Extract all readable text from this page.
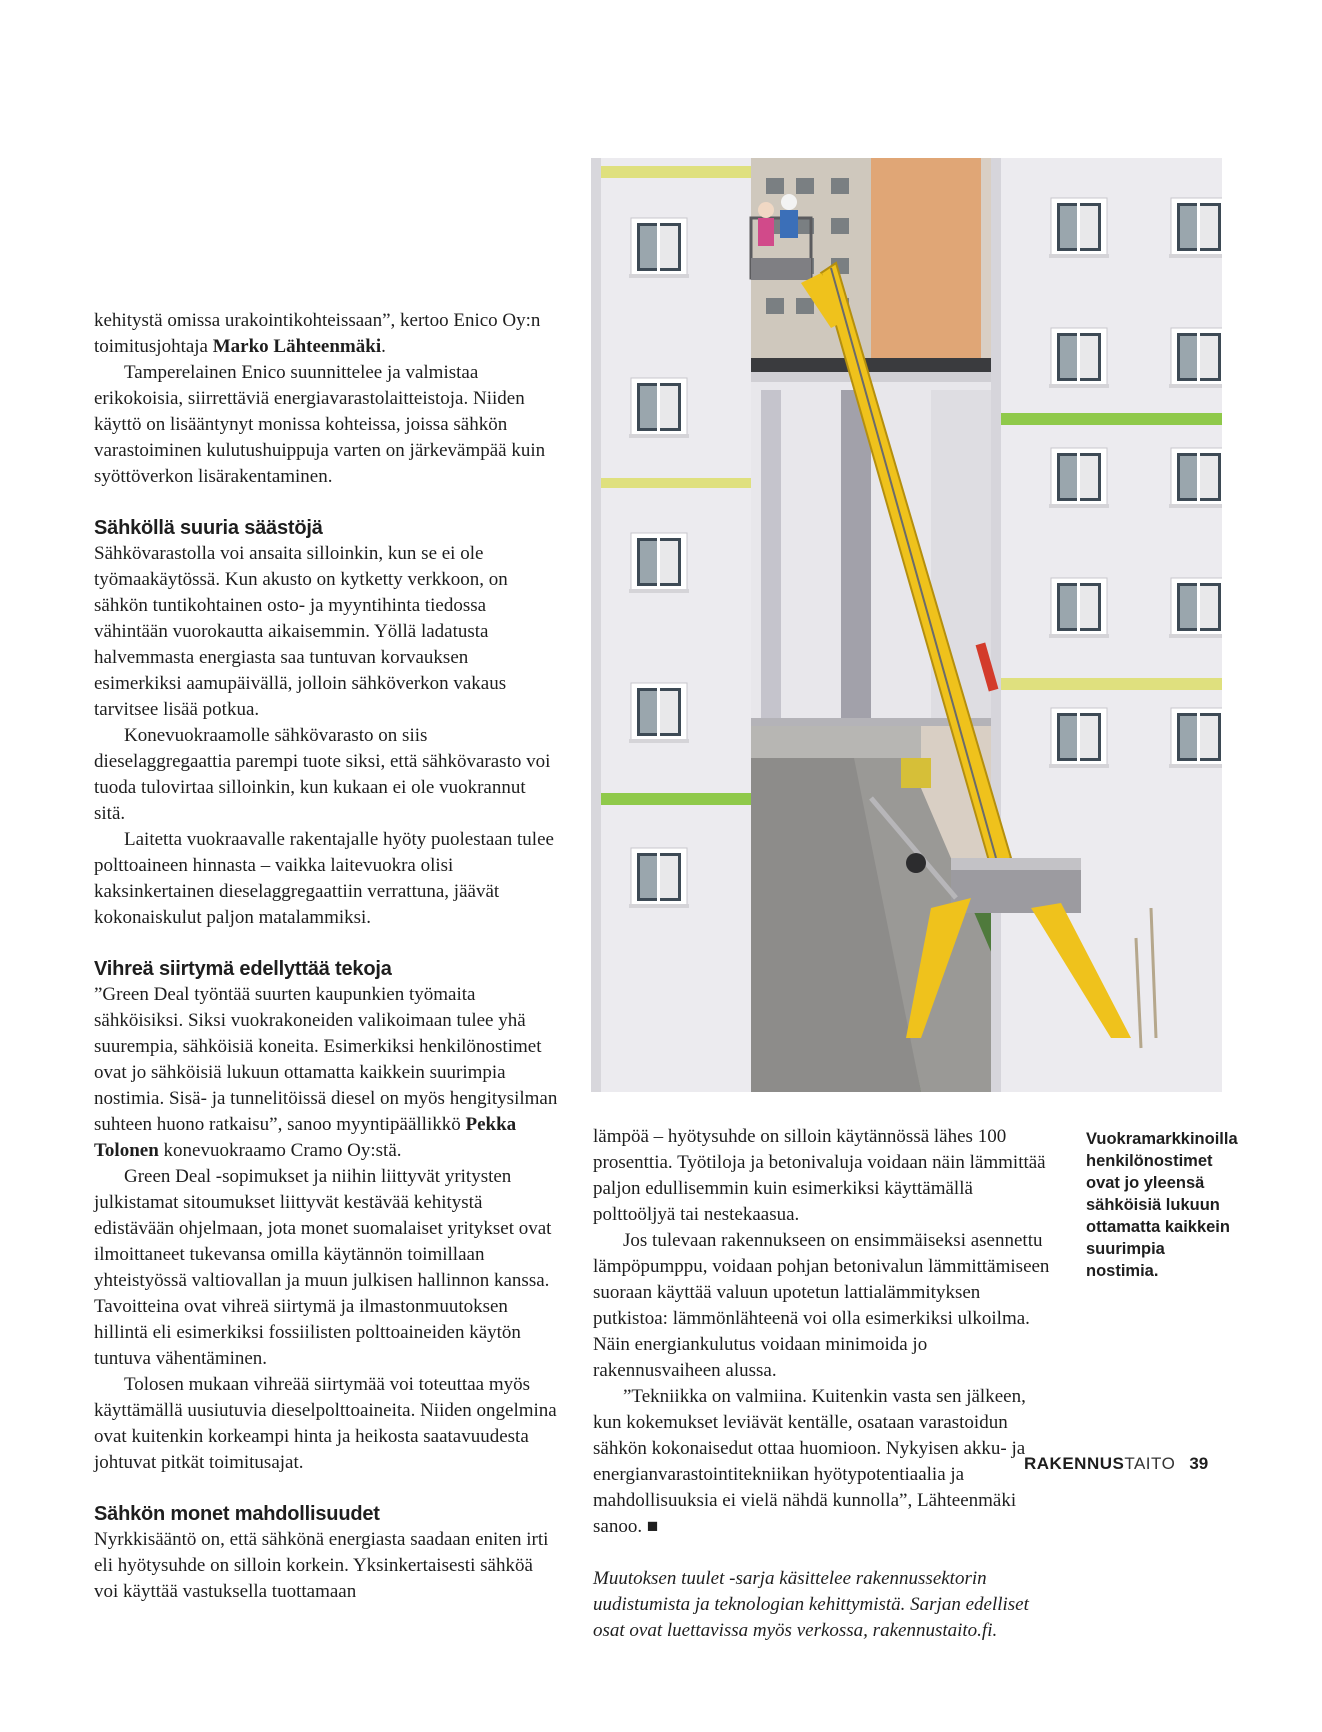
kehitystä omissa urakointikohteissaan”, kertoo Enico Oy:n toimitusjohtaja Marko Lähteenmäki.

Tamperelainen Enico suunnittelee ja valmistaa erikokoisia, siirrettäviä energiavarastolaitteistoja. Niiden käyttö on lisääntynyt monissa kohteissa, joissa sähkön varastoiminen kulutushuippuja varten on järkevämpää kuin syöttöverkon lisärakentaminen.

Sähköllä suuria säästöjä

Sähkövarastolla voi ansaita silloinkin, kun se ei ole työmaakäytössä. Kun akusto on kytketty verkkoon, on sähkön tuntikohtainen osto- ja myyntihinta tiedossa vähintään vuorokautta aikaisemmin. Yöllä ladatusta halvemmasta energiasta saa tuntuvan korvauksen esimerkiksi aamupäivällä, jolloin sähköverkon vakaus tarvitsee lisää potkua.

Konevuokraamolle sähkövarasto on siis dieselaggregaattia parempi tuote siksi, että sähkövarasto voi tuoda tulovirtaa silloinkin, kun kukaan ei ole vuokrannut sitä.

Laitetta vuokraavalle rakentajalle hyöty puolestaan tulee polttoaineen hinnasta – vaikka laitevuokra olisi kaksinkertainen dieselaggregaattiin verrattuna, jäävät kokonaiskulut paljon matalammiksi.

Vihreä siirtymä edellyttää tekoja

”Green Deal työntää suurten kaupunkien työmaita sähköisiksi. Siksi vuokrakoneiden valikoimaan tulee yhä suurempia, sähköisiä koneita. Esimerkiksi henkilönostimet ovat jo sähköisiä lukuun ottamatta kaikkein suurimpia nostimia. Sisä- ja tunnelitöissä diesel on myös hengitysilman suhteen huono ratkaisu”, sanoo myyntipäällikkö Pekka Tolonen konevuokraamo Cramo Oy:stä.

Green Deal -sopimukset ja niihin liittyvät yritysten julkistamat sitoumukset liittyvät kestävää kehitystä edistävään ohjelmaan, jota monet suomalaiset yritykset ovat ilmoittaneet tukevansa omilla käytännön toimillaan yhteistyössä valtiovallan ja muun julkisen hallinnon kanssa. Tavoitteina ovat vihreä siirtymä ja ilmastonmuutoksen hillintä eli esimerkiksi fossiilisten polttoaineiden käytön tuntuva vähentäminen.

Tolosen mukaan vihreää siirtymää voi toteuttaa myös käyttämällä uusiutuvia dieselpolttoaineita. Niiden ongelmina ovat kuitenkin korkeampi hinta ja heikosta saatavuudesta johtuvat pitkät toimitusajat.

Sähkön monet mahdollisuudet

Nyrkkisääntö on, että sähkönä energiasta saadaan eniten irti eli hyötysuhde on silloin korkein. Yksinkertaisesti sähköä voi käyttää vastuksella tuottamaan

lämpöä – hyötysuhde on silloin käytännössä lähes 100 prosenttia. Työtiloja ja betonivaluja voidaan näin lämmittää paljon edullisemmin kuin esimerkiksi käyttämällä polttoöljyä tai nestekaasua.

Jos tulevaan rakennukseen on ensimmäiseksi asennettu lämpöpumppu, voidaan pohjan betonivalun lämmittämiseen suoraan käyttää valuun upotetun lattialämmityksen putkistoa: lämmönlähteenä voi olla esimerkiksi ulkoilma. Näin energiankulutus voidaan minimoida jo rakennusvaiheen alussa.

”Tekniikka on valmiina. Kuitenkin vasta sen jälkeen, kun kokemukset leviävät kentälle, osataan varastoidun sähkön kokonaisedut ottaa huomioon. Nykyisen akku- ja energianvarastointitekniikan hyötypotentiaalia ja mahdollisuuksia ei vielä nähdä kunnolla”, Lähteenmäki sanoo. ■

Muutoksen tuulet -sarja käsittelee rakennussektorin uudistumista ja teknologian kehittymistä. Sarjan edelliset osat ovat luettavissa myös verkossa, rakennustaito.fi.

Vuokramarkkinoilla henkilönostimet ovat jo yleensä sähköisiä lukuun ottamatta kaikkein suurimpia nostimia.
RAKENNUSTAITO 39
